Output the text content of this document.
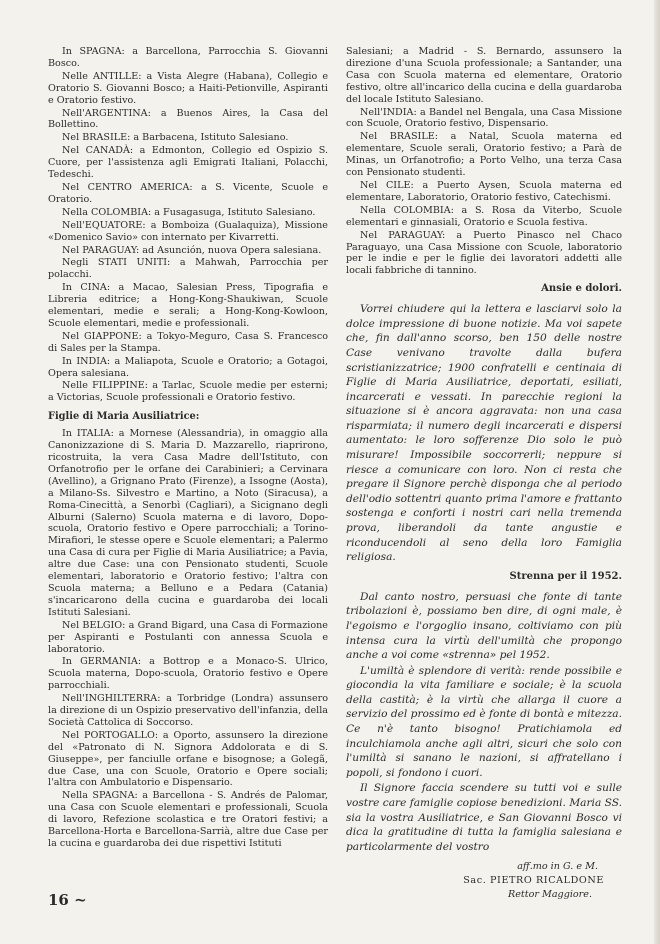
In SPAGNA: a Barcellona, Parrocchia S. Giovanni Bosco.

Nelle ANTILLE: a Vista Alegre (Habana), Collegio e Oratorio S. Giovanni Bosco; a Haiti-Petionville, Aspiranti e Oratorio festivo.

Nell'ARGENTINA: a Buenos Aires, la Casa del Bollettino.

Nel BRASILE: a Barbacena, Istituto Salesiano.

Nel CANADÀ: a Edmonton, Collegio ed Ospizio S. Cuore, per l'assistenza agli Emigrati Italiani, Polacchi, Tedeschi.

Nel CENTRO AMERICA: a S. Vicente, Scuole e Oratorio.

Nella COLOMBIA: a Fusagasuga, Istituto Salesiano.

Nell'EQUATORE: a Bomboiza (Gualaquiza), Missione «Domenico Savio» con internato per Kivarretti.

Nel PARAGUAY: ad Asunción, nuova Opera salesiana.

Negli STATI UNITI: a Mahwah, Parrocchia per polacchi.

In CINA: a Macao, Salesian Press, Tipografia e Libreria editrice; a Hong-Kong-Shaukiwan, Scuole elementari, medie e serali; a Hong-Kong-Kowloon, Scuole elementari, medie e professionali.

Nel GIAPPONE: a Tokyo-Meguro, Casa S. Francesco di Sales per la Stampa.

In INDIA: a Maliapota, Scuole e Oratorio; a Gotagoi, Opera salesiana.

Nelle FILIPPINE: a Tarlac, Scuole medie per esterni; a Victorias, Scuole professionali e Oratorio festivo.

Figlie di Maria Ausiliatrice:

In ITALIA: a Mornese (Alessandria), in omaggio alla Canonizzazione di S. Maria D. Mazzarello, riaprirono, ricostruita, la vera Casa Madre dell'Istituto, con Orfanotrofio per le orfane dei Carabinieri; a Cervinara (Avellino), a Grignano Prato (Firenze), a Issogne (Aosta), a Milano-Ss. Silvestro e Martino, a Noto (Siracusa), a Roma-Cinecittà, a Senorbì (Cagliari), a Sicignano degli Alburni (Salerno) Scuola materna e di lavoro, Dopo-scuola, Oratorio festivo e Opere parrocchiali; a Torino-Mirafiori, le stesse opere e Scuole elementari; a Palermo una Casa di cura per Figlie di Maria Ausiliatrice; a Pavia, altre due Case: una con Pensionato studenti, Scuole elementari, laboratorio e Oratorio festivo; l'altra con Scuola materna; a Belluno e a Pedara (Catania) s'incaricarono della cucina e guardaroba dei locali Istituti Salesiani.

Nel BELGIO: a Grand Bigard, una Casa di Formazione per Aspiranti e Postulanti con annessa Scuola e laboratorio.

In GERMANIA: a Bottrop e a Monaco-S. Ulrico, Scuola materna, Dopo-scuola, Oratorio festivo e Opere parrocchiali.

Nell'INGHILTERRA: a Torbridge (Londra) assunsero la direzione di un Ospizio preservativo dell'infanzia, della Società Cattolica di Soccorso.

Nel PORTOGALLO: a Oporto, assunsero la direzione del «Patronato di N. Signora Addolorata e di S. Giuseppe», per fanciulle orfane e bisognose; a Golegã, due Case, una con Scuole, Oratorio e Opere sociali; l'altra con Ambulatorio e Dispensario.

Nella SPAGNA: a Barcellona - S. Andrés de Palomar, una Casa con Scuole elementari e professionali, Scuola di lavoro, Refezione scolastica e tre Oratori festivi; a Barcellona-Horta e Barcellona-Sarrià, altre due Case per la cucina e guardaroba dei due rispettivi Istituti

Salesiani; a Madrid - S. Bernardo, assunsero la direzione d'una Scuola professionale; a Santander, una Casa con Scuola materna ed elementare, Oratorio festivo, oltre all'incarico della cucina e della guardaroba del locale Istituto Salesiano.

Nell'INDIA: a Bandel nel Bengala, una Casa Missione con Scuole, Oratorio festivo, Dispensario.

Nel BRASILE: a Natal, Scuola materna ed elementare, Scuole serali, Oratorio festivo; a Parà de Minas, un Orfanotrofio; a Porto Velho, una terza Casa con Pensionato studenti.

Nel CILE: a Puerto Aysen, Scuola materna ed elementare, Laboratorio, Oratorio festivo, Catechismi.

Nella COLOMBIA: a S. Rosa da Viterbo, Scuole elementari e ginnasiali, Oratorio e Scuola festiva.

Nel PARAGUAY: a Puerto Pinasco nel Chaco Paraguayo, una Casa Missione con Scuole, laboratorio per le indie e per le figlie dei lavoratori addetti alle locali fabbriche di tannino.

Ansie e dolori.

Vorrei chiudere qui la lettera e lasciarvi solo la dolce impressione di buone notizie. Ma voi sapete che, fin dall'anno scorso, ben 150 delle nostre Case venivano travolte dalla bufera scristianizzatrice; 1900 confratelli e centinaia di Figlie di Maria Ausiliatrice, deportati, esiliati, incarcerati e vessati. In parecchie regioni la situazione si è ancora aggravata: non una casa risparmiata; il numero degli incarcerati e dispersi aumentato: le loro sofferenze Dio solo le può misurare! Impossibile soccorrerli; neppure si riesce a comunicare con loro. Non ci resta che pregare il Signore perchè disponga che al periodo dell'odio sottentri quanto prima l'amore e frattanto sostenga e conforti i nostri cari nella tremenda prova, liberandoli da tante angustie e riconducendoli al seno della loro Famiglia religiosa.

Strenna per il 1952.

Dal canto nostro, persuasi che fonte di tante tribolazioni è, possiamo ben dire, di ogni male, è l'egoismo e l'orgoglio insano, coltiviamo con più intensa cura la virtù dell'umiltà che propongo anche a voi come «strenna» pel 1952.

L'umiltà è splendore di verità: rende possibile e giocondia la vita familiare e sociale; è la scuola della castità; è la virtù che allarga il cuore a servizio del prossimo ed è fonte di bontà e mitezza. Ce n'è tanto bisogno! Pratichiamola ed inculchiamola anche agli altri, sicuri che solo con l'umiltà si sanano le nazioni, si affratellano i popoli, si fondono i cuori.

Il Signore faccia scendere su tutti voi e sulle vostre care famiglie copiose benedizioni. Maria SS. sia la vostra Ausiliatrice, e San Giovanni Bosco vi dica la gratitudine di tutta la famiglia salesiana e particolarmente del vostro

aff.mo in G. e M.
Sac. PIETRO RICALDONE
Rettor Maggiore.
16 ~
